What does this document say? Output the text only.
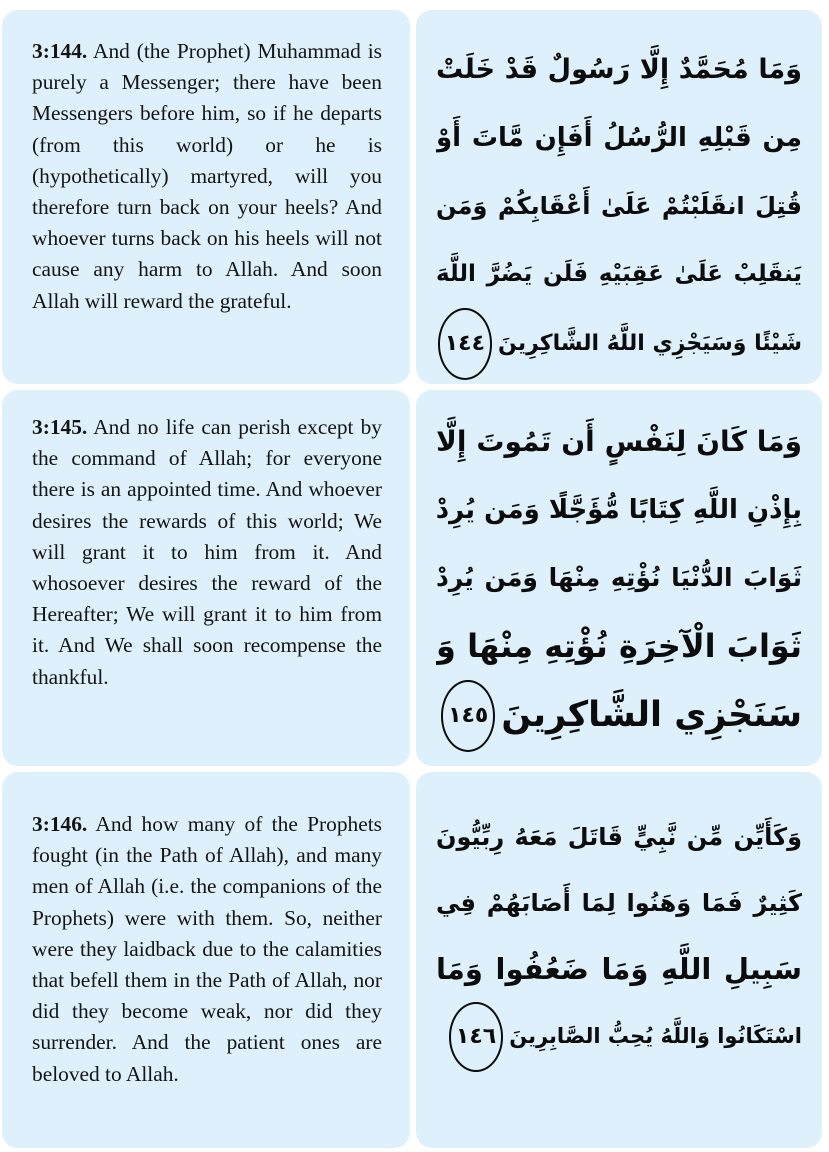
3:144. And (the Prophet) Muhammad is purely a Messenger; there have been Messengers before him, so if he departs (from this world) or he is (hypothetically) martyred, will you therefore turn back on your heels? And whoever turns back on his heels will not cause any harm to Allah. And soon Allah will reward the grateful.
وَمَا مُحَمَّدٌ إِلَّا رَسُولٌ قَدْ خَلَتْ
مِن قَبْلِهِ الرُّسُلُ أَفَإِن مَّاتَ أَوْ
قُتِلَ انقَلَبْتُمْ عَلَىٰ أَعْقَابِكُمْ وَمَن
يَنقَلِبْ عَلَىٰ عَقِبَيْهِ فَلَن يَضُرَّ اللَّهَ
شَيْئًا وَسَيَجْزِي اللَّهُ الشَّاكِرِينَ١٤٤
3:145. And no life can perish except by the command of Allah; for everyone there is an appointed time. And whoever desires the rewards of this world; We will grant it to him from it. And whosoever desires the reward of the Hereafter; We will grant it to him from it. And We shall soon recompense the thankful.
وَمَا كَانَ لِنَفْسٍ أَن تَمُوتَ إِلَّا
بِإِذْنِ اللَّهِ كِتَابًا مُّؤَجَّلًا وَمَن يُرِدْ
ثَوَابَ الدُّنْيَا نُؤْتِهِ مِنْهَا وَمَن يُرِدْ
ثَوَابَ الْآخِرَةِ نُؤْتِهِ مِنْهَا وَ
سَنَجْزِي الشَّاكِرِينَ١٤٥
3:146. And how many of the Prophets fought (in the Path of Allah), and many men of Allah (i.e. the companions of the Prophets) were with them. So, neither were they laidback due to the calamities that befell them in the Path of Allah, nor did they become weak, nor did they surrender. And the patient ones are beloved to Allah.
وَكَأَيِّن مِّن نَّبِيٍّ قَاتَلَ مَعَهُ رِبِّيُّونَ
كَثِيرٌ فَمَا وَهَنُوا لِمَا أَصَابَهُمْ فِي
سَبِيلِ اللَّهِ وَمَا ضَعُفُوا وَمَا
اسْتَكَانُوا وَاللَّهُ يُحِبُّ الصَّابِرِينَ١٤٦
